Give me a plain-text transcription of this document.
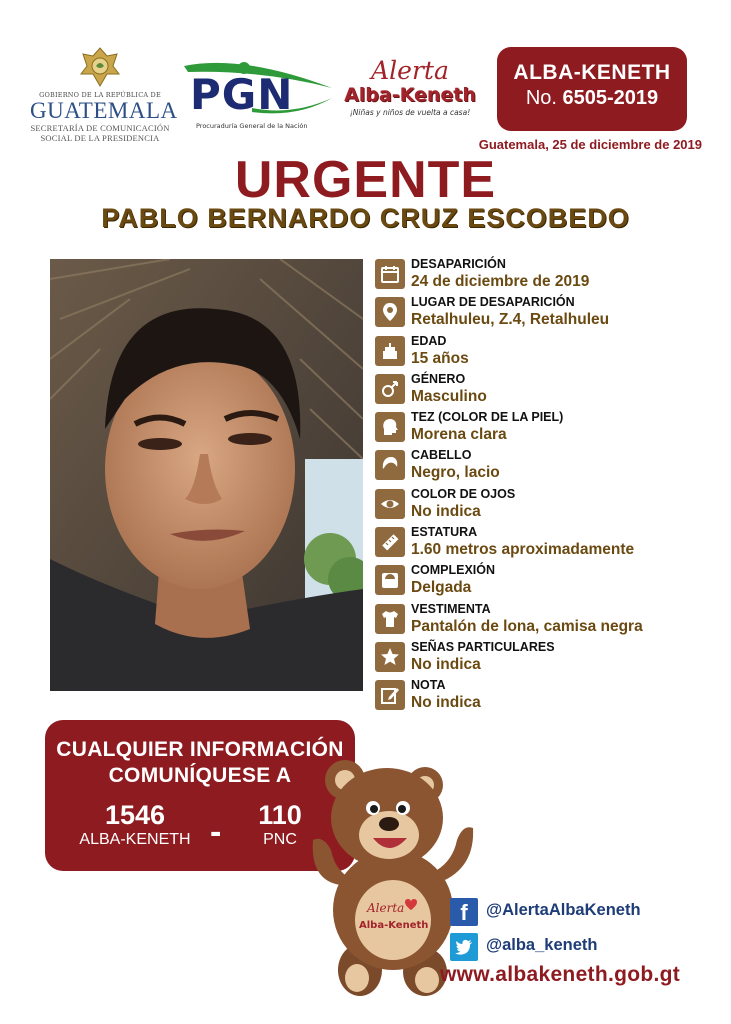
GOBIERNO DE LA REPÚBLICA DE
GUATEMALA
SECRETARÍA DE COMUNICACIÓN
SOCIAL DE LA PRESIDENCIA
PGN
Procuraduría General de la Nación
Alerta
Alba-Keneth
¡Niñas y niños de vuelta a casa!
ALBA-KENETH
No. 6505-2019
Guatemala, 25 de diciembre de 2019
URGENTE
PABLO BERNARDO CRUZ ESCOBEDO
DESAPARICIÓN
24 de diciembre de 2019
LUGAR DE DESAPARICIÓN
Retalhuleu, Z.4, Retalhuleu
EDAD
15 años
GÉNERO
Masculino
TEZ (COLOR DE LA PIEL)
Morena clara
CABELLO
Negro, lacio
COLOR DE OJOS
No indica
ESTATURA
1.60 metros aproximadamente
COMPLEXIÓN
Delgada
VESTIMENTA
Pantalón de lona, camisa negra
SEÑAS PARTICULARES
No indica
NOTA
No indica
CUALQUIER INFORMACIÓN
COMUNÍQUESE A
1546
ALBA-KENETH -	110
PNC
Alerta
Alba-Keneth
f	@AlertaAlbaKeneth
@alba_keneth
www.albakeneth.gob.gt
